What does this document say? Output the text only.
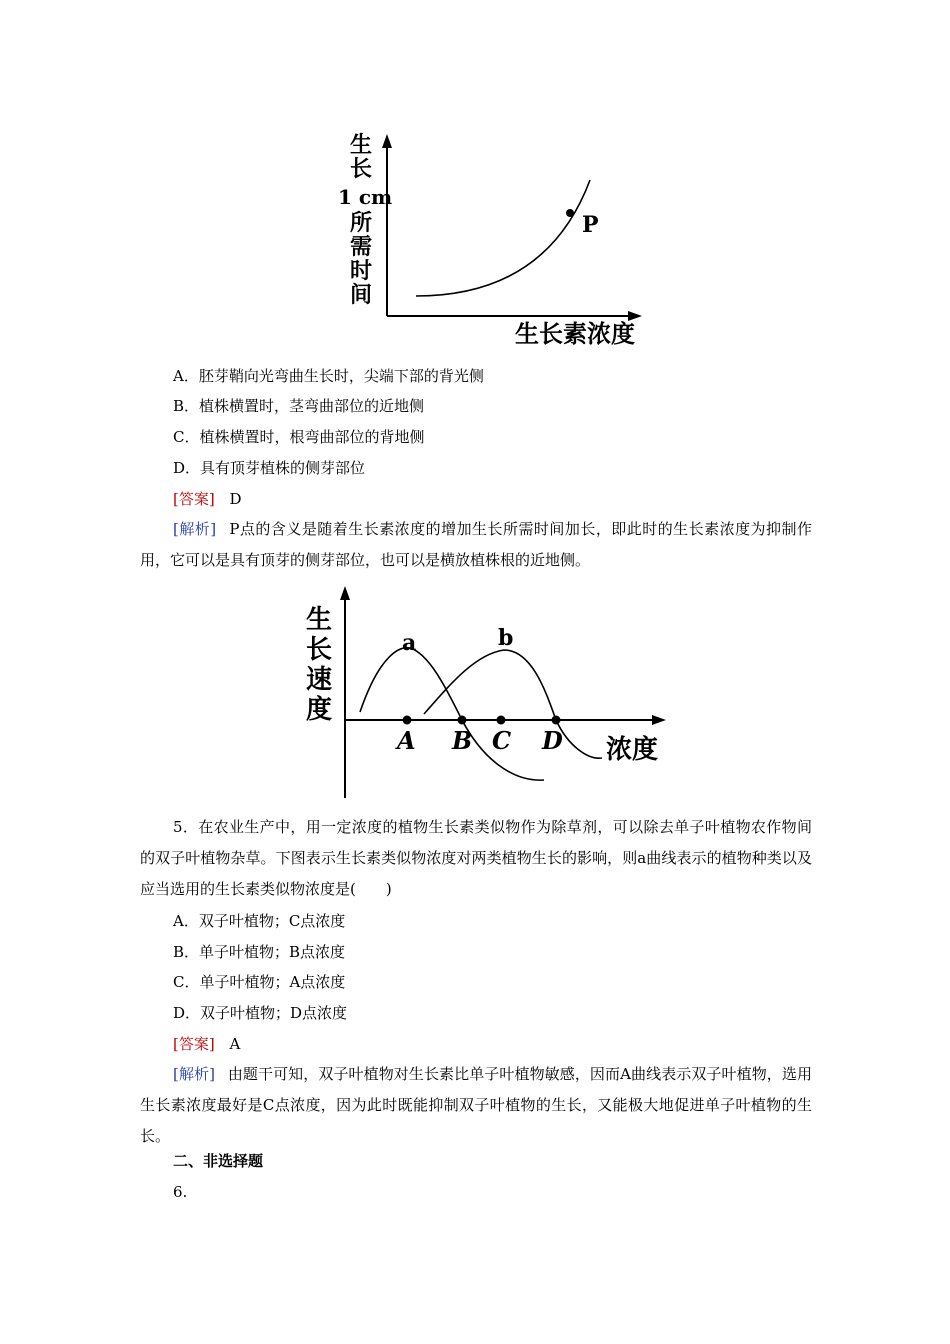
生
长
1 cm
所
需
时
间
P
生长素浓度
A．胚芽鞘向光弯曲生长时，尖端下部的背光侧
B．植株横置时，茎弯曲部位的近地侧
C．植株横置时，根弯曲部位的背地侧
D．具有顶芽植株的侧芽部位
[答案] D
[解析] P点的含义是随着生长素浓度的增加生长所需时间加长，即此时的生长素浓度为抑制作用，它可以是具有顶芽的侧芽部位，也可以是横放植株根的近地侧。
生
长
速
度
a	b
A B C D 浓度
5．在农业生产中，用一定浓度的植物生长素类似物作为除草剂，可以除去单子叶植物农作物间的双子叶植物杂草。下图表示生长素类似物浓度对两类植物生长的影响，则a曲线表示的植物种类以及应当选用的生长素类似物浓度是(　　)
A．双子叶植物；C点浓度
B．单子叶植物；B点浓度
C．单子叶植物；A点浓度
D．双子叶植物；D点浓度
[答案] A
[解析] 由题干可知，双子叶植物对生长素比单子叶植物敏感，因而A曲线表示双子叶植物，选用生长素浓度最好是C点浓度，因为此时既能抑制双子叶植物的生长，又能极大地促进单子叶植物的生长。
二、非选择题
6.
